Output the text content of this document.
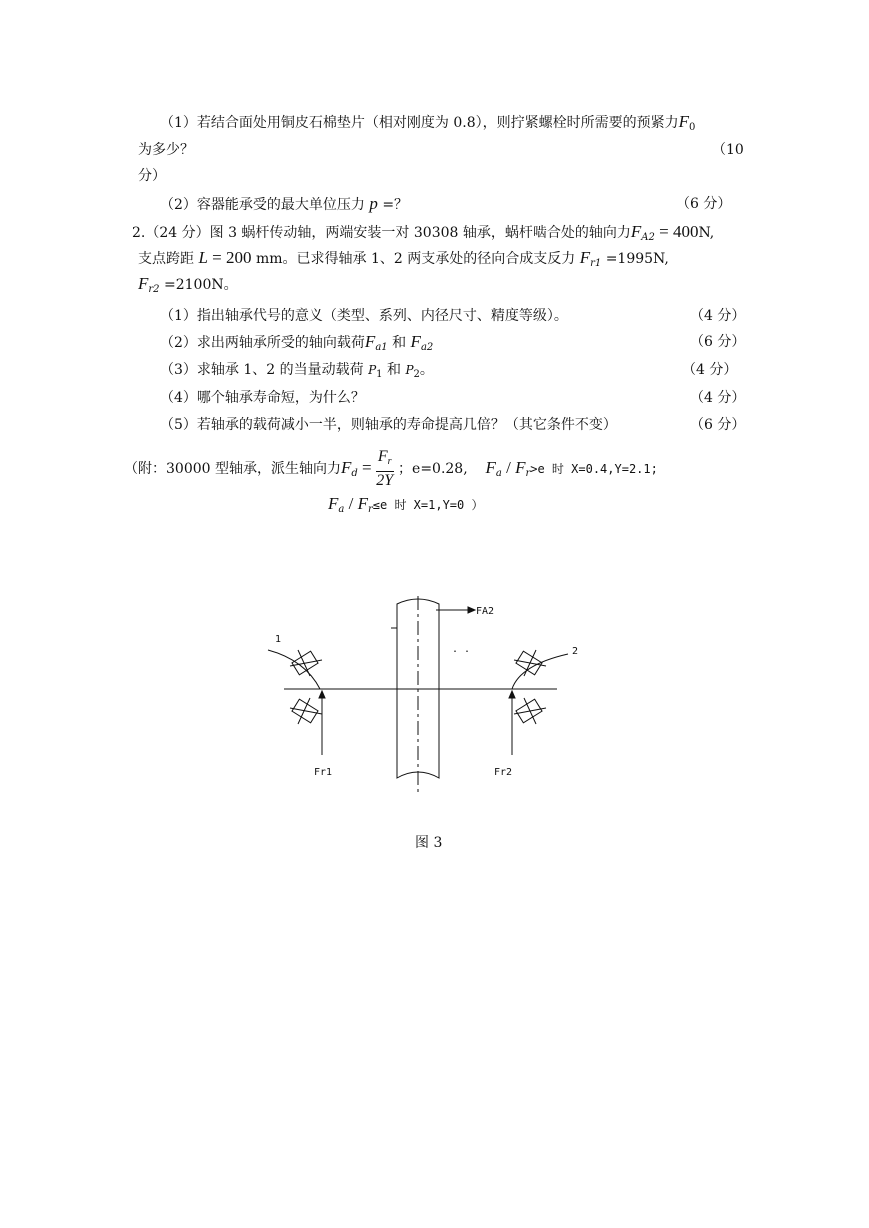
（1）若结合面处用铜皮石棉垫片（相对刚度为 0.8），则拧紧螺栓时所需要的预紧力$F_0$
为多少？	（10
分）
（2）容器能承受的最大单位压力 p =？	（6 分）
2.（24 分）图 3 蜗杆传动轴，两端安装一对 30308 轴承，蜗杆啮合处的轴向力$F_{A2} = 400N$,
支点跨距 L = 200 mm。已求得轴承 1、2 两支承处的径向合成支反力 $F_{r1} =1995N$,
$F_{r2} =2100N$。
（1）指出轴承代号的意义（类型、系列、内径尺寸、精度等级）。	（4 分）
（2）求出两轴承所受的轴向载荷$F_{a1}$ 和 $F_{a2}$	（6 分）
（3）求轴承 1、2 的当量动载荷 $P_1$ 和 $P_2$。	（4 分）
（4）哪个轴承寿命短，为什么？	（4 分）
（5）若轴承的载荷减小一半，则轴承的寿命提高几倍？（其它条件不变）	（6 分）
（附：30000 型轴承，派生轴向力$F_d = \frac{F_r}{2Y}$ ；e=0.28, $F_a / F_r>e$ 时 X=0.4,Y=2.1;
$F_a / F_r\le e$ 时 X=1,Y=0 ）
FA2
1
2
Fr1	Fr2
. .
图 3
